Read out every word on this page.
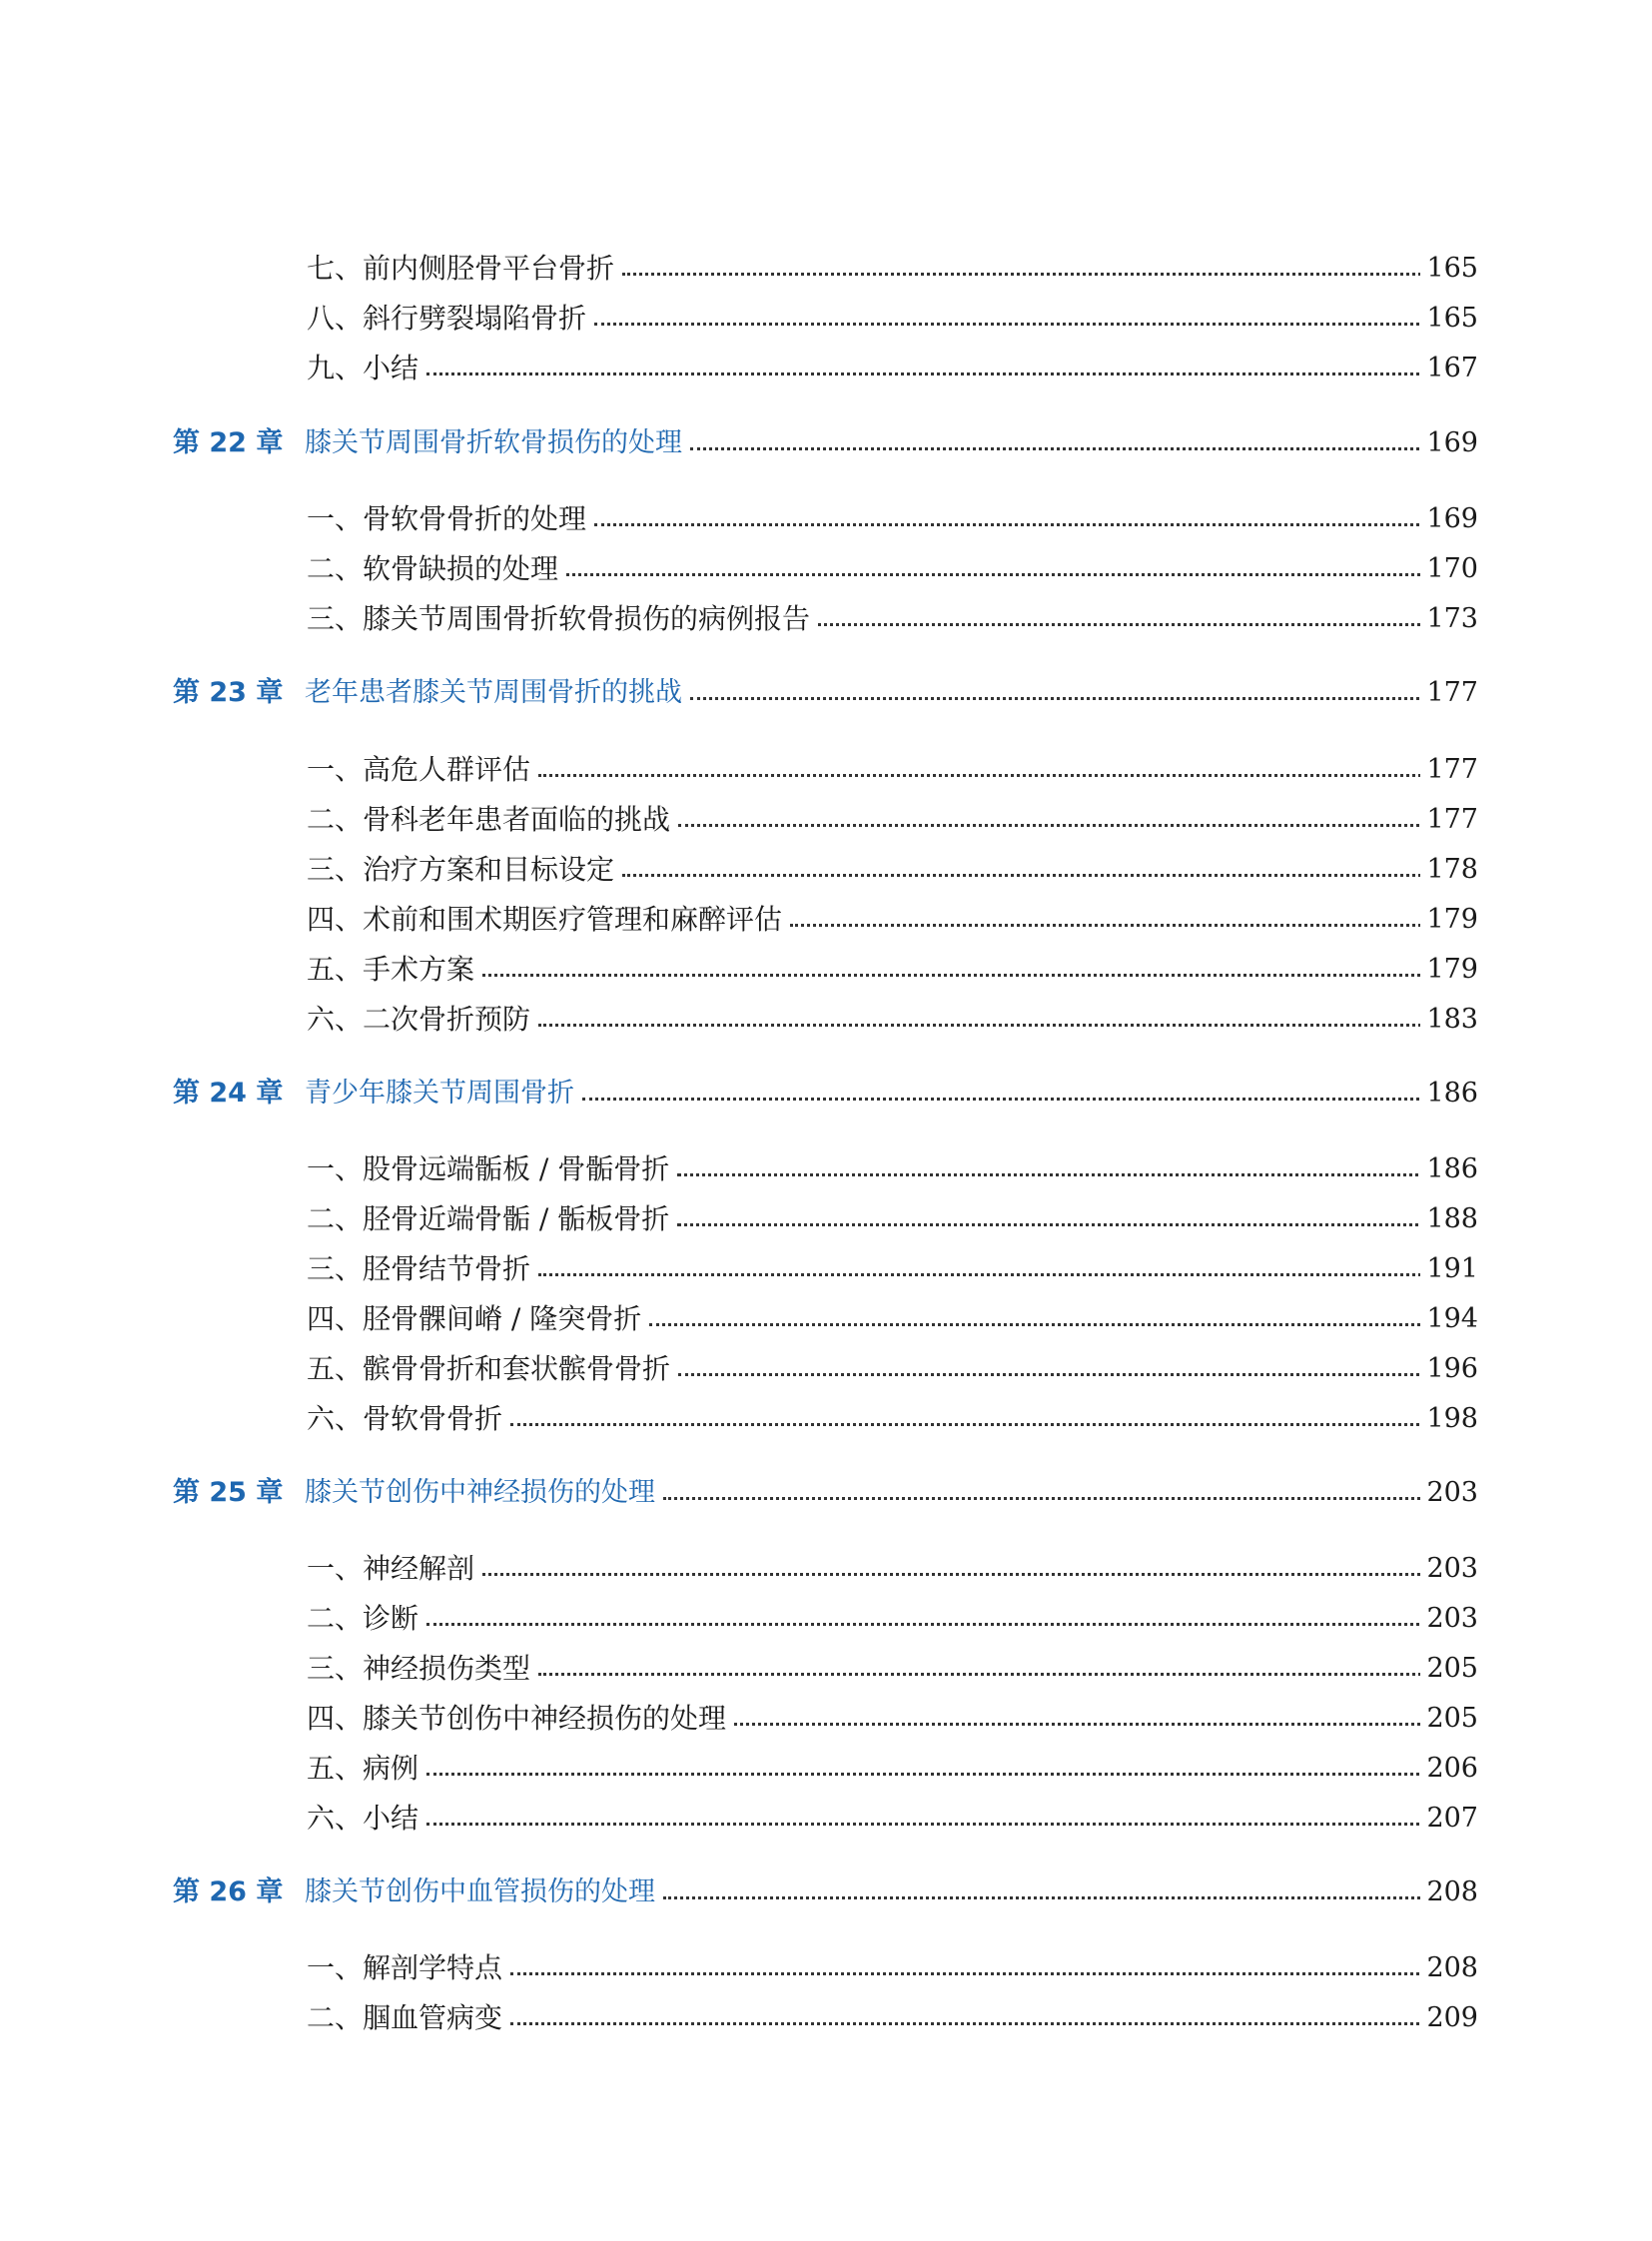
七、前内侧胫骨平台骨折	165
八、斜行劈裂塌陷骨折	165
九、小结	167
第 22 章 膝关节周围骨折软骨损伤的处理	169
一、骨软骨骨折的处理	169
二、软骨缺损的处理	170
三、膝关节周围骨折软骨损伤的病例报告	173
第 23 章 老年患者膝关节周围骨折的挑战	177
一、高危人群评估	177
二、骨科老年患者面临的挑战	177
三、治疗方案和目标设定	178
四、术前和围术期医疗管理和麻醉评估	179
五、手术方案	179
六、二次骨折预防	183
第 24 章 青少年膝关节周围骨折	186
一、股骨远端骺板 / 骨骺骨折	186
二、胫骨近端骨骺 / 骺板骨折	188
三、胫骨结节骨折	191
四、胫骨髁间嵴 / 隆突骨折	194
五、髌骨骨折和套状髌骨骨折	196
六、骨软骨骨折	198
第 25 章 膝关节创伤中神经损伤的处理	203
一、神经解剖	203
二、诊断	203
三、神经损伤类型	205
四、膝关节创伤中神经损伤的处理	205
五、病例	206
六、小结	207
第 26 章 膝关节创伤中血管损伤的处理	208
一、解剖学特点	208
二、腘血管病变	209
